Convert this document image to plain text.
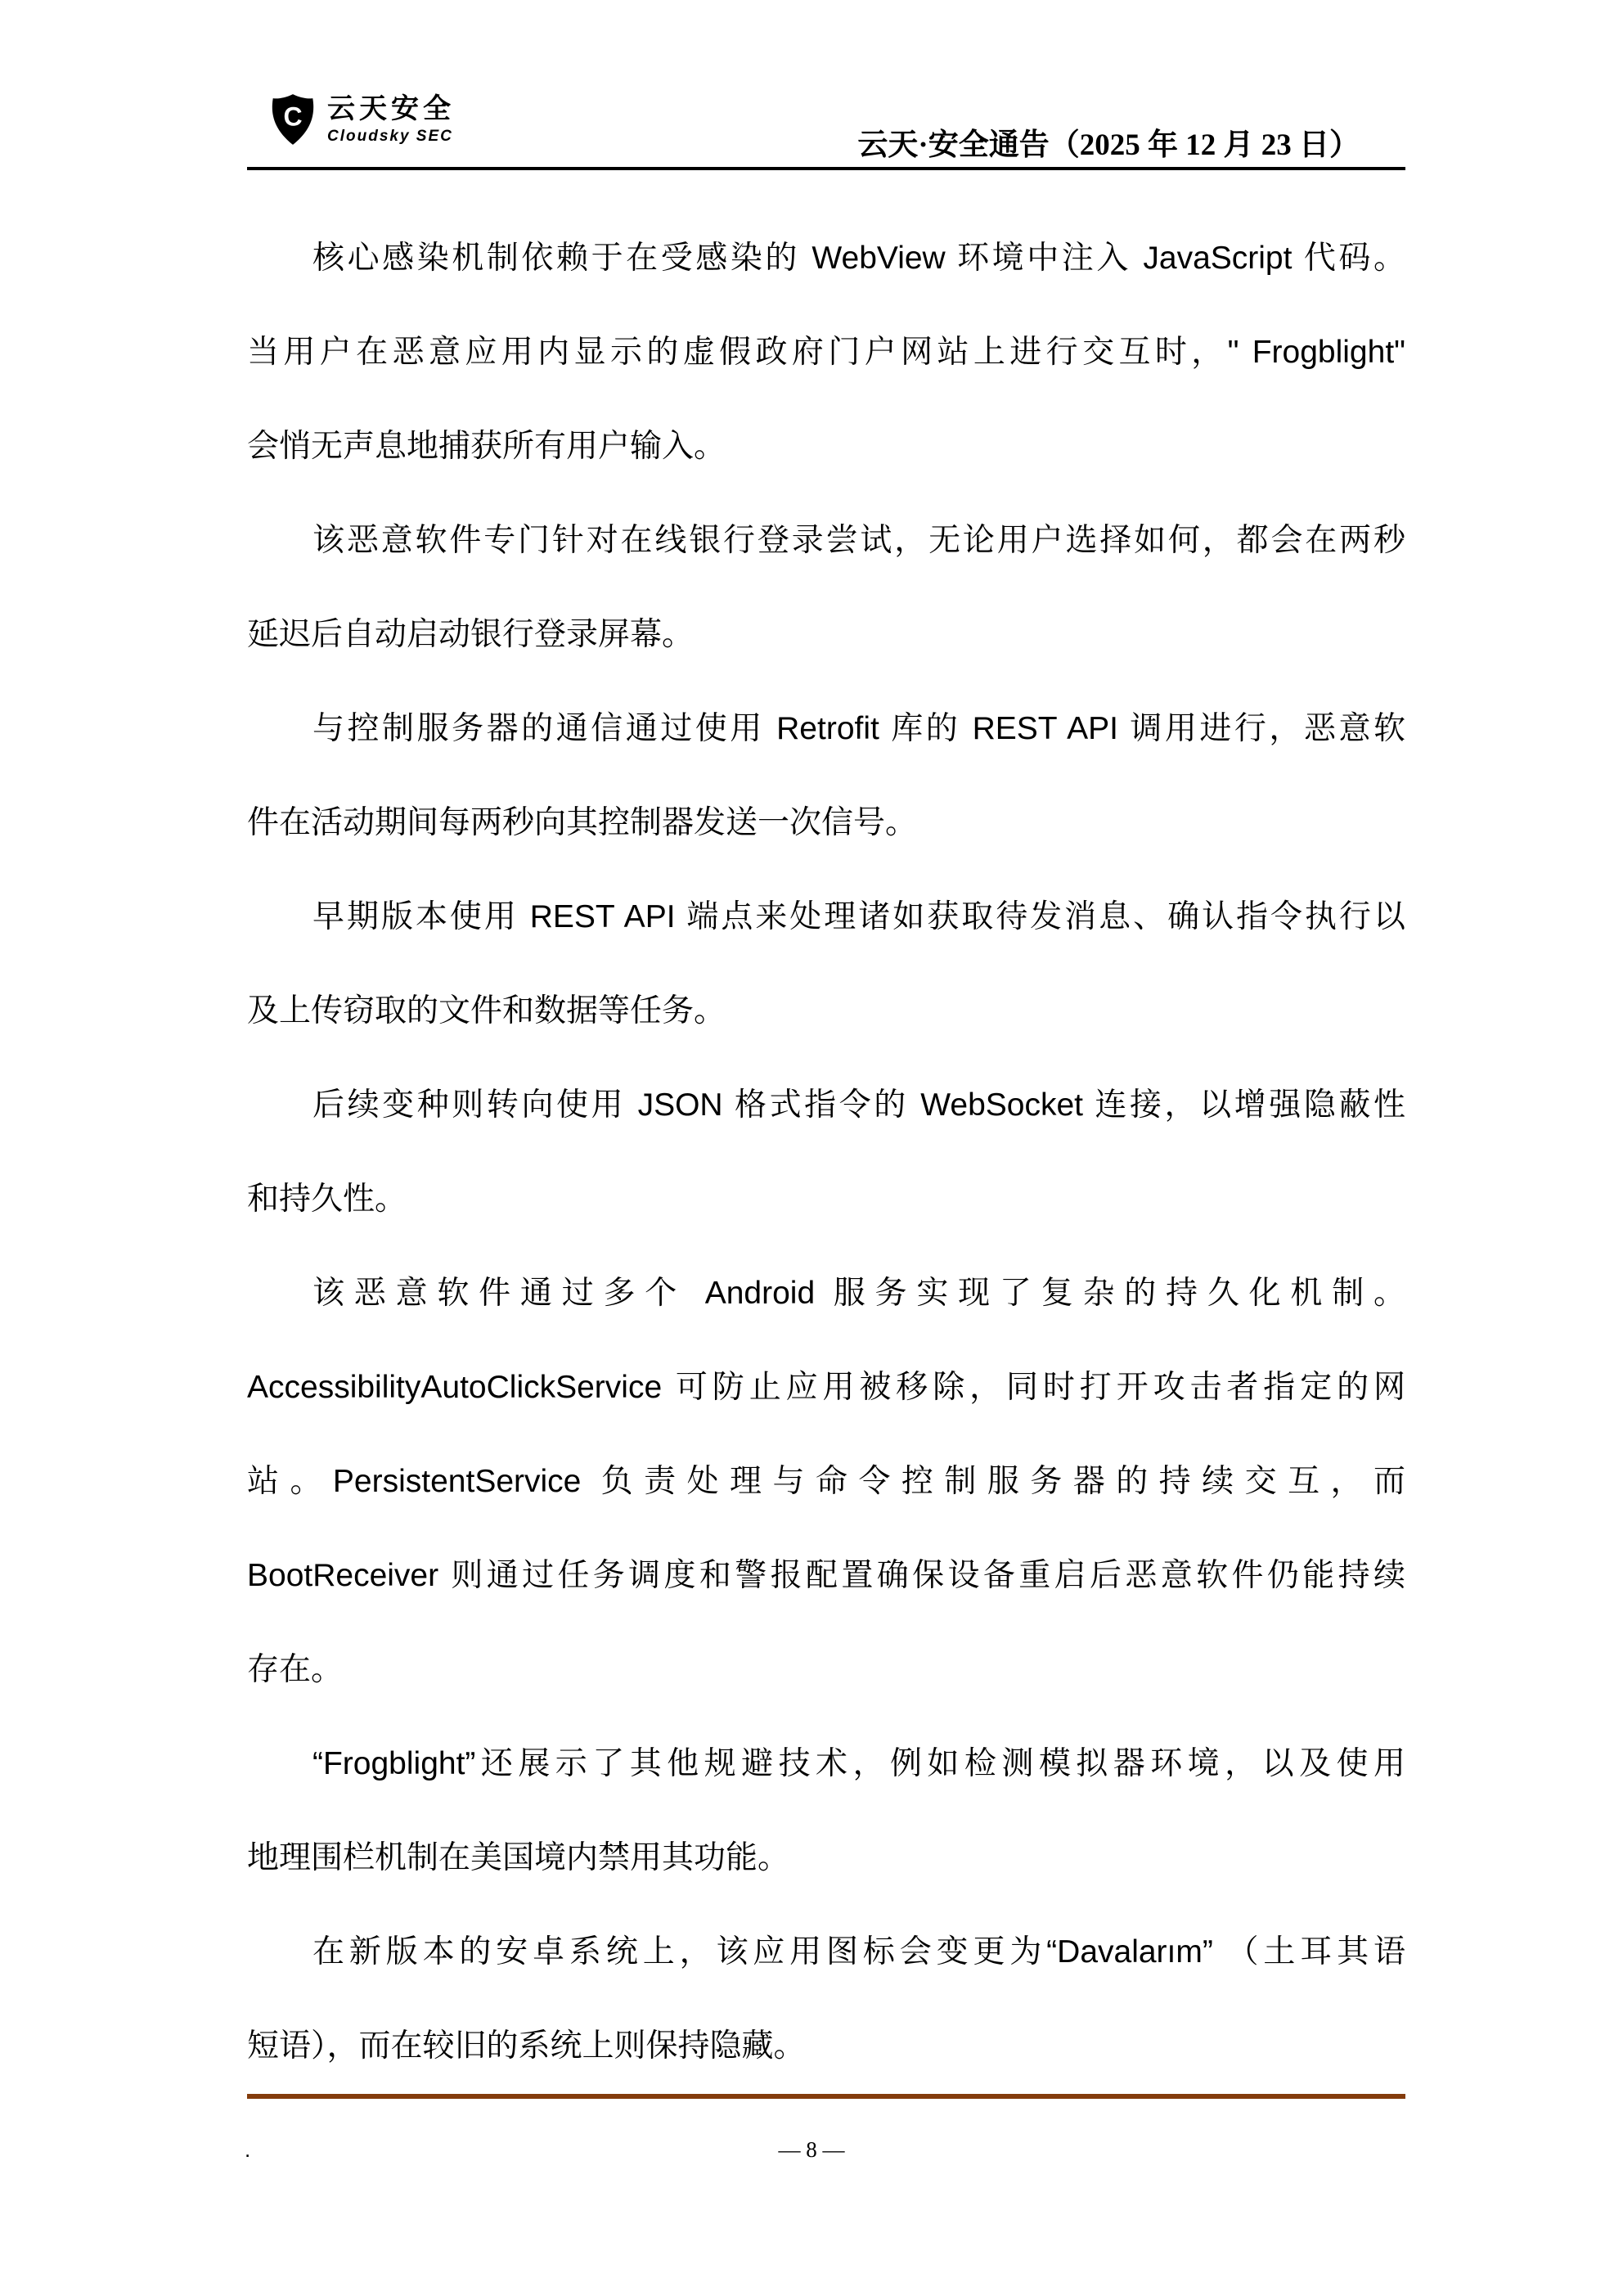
C 云天安全
Cloudsky SEC	云天·安全通告（2025 年 12 月 23 日）
核心感染机制依赖于在受感染的 WebView 环境中注入 JavaScript 代码。
当用户在恶意应用内显示的虚假政府门户网站上进行交互时，" Frogblight"
会悄无声息地捕获所有用户输入。
该恶意软件专门针对在线银行登录尝试，无论用户选择如何，都会在两秒
延迟后自动启动银行登录屏幕。
与控制服务器的通信通过使用 Retrofit 库的 REST API 调用进行，恶意软
件在活动期间每两秒向其控制器发送一次信号。
早期版本使用 REST API 端点来处理诸如获取待发消息、确认指令执行以
及上传窃取的文件和数据等任务。
后续变种则转向使用 JSON 格式指令的 WebSocket 连接，以增强隐蔽性
和持久性。
该恶意软件通过多个 Android 服务实现了复杂的持久化机制。
AccessibilityAutoClickService 可防止应用被移除，同时打开攻击者指定的网
站。PersistentService 负责处理与命令控制服务器的持续交互，而
BootReceiver 则通过任务调度和警报配置确保设备重启后恶意软件仍能持续
存在。
“Frogblight”还展示了其他规避技术，例如检测模拟器环境，以及使用
地理围栏机制在美国境内禁用其功能。
在新版本的安卓系统上，该应用图标会变更为“Davalarım” （土耳其语
短语），而在较旧的系统上则保持隐藏。
.	— 8 —
